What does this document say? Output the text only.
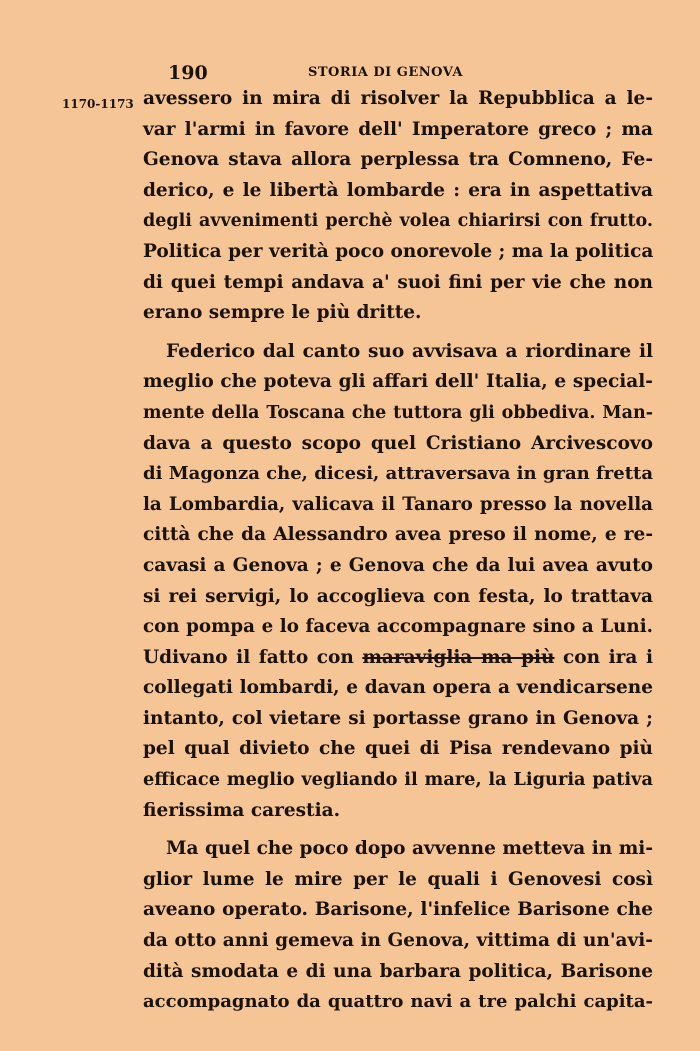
190	STORIA DI GENOVA
1170-1173 avessero in mira di risolver la Repubblica a le-
var l'armi in favore dell' Imperatore greco ; ma
Genova stava allora perplessa tra Comneno, Fe-
derico, e le libertà lombarde : era in aspettativa
degli avvenimenti perchè volea chiarirsi con frutto.
Politica per verità poco onorevole ; ma la politica
di quei tempi andava a' suoi fini per vie che non
erano sempre le più dritte.
Federico dal canto suo avvisava a riordinare il
meglio che poteva gli affari dell' Italia, e special-
mente della Toscana che tuttora gli obbediva. Man-
dava a questo scopo quel Cristiano Arcivescovo
di Magonza che, dicesi, attraversava in gran fretta
la Lombardia, valicava il Tanaro presso la novella
città che da Alessandro avea preso il nome, e re-
cavasi a Genova ; e Genova che da lui avea avuto
si rei servigi, lo accoglieva con festa, lo trattava
con pompa e lo faceva accompagnare sino a Luni.
Udivano il fatto con maraviglia ma più con ira i
collegati lombardi, e davan opera a vendicarsene
intanto, col vietare si portasse grano in Genova ;
pel qual divieto che quei di Pisa rendevano più
efficace meglio vegliando il mare, la Liguria pativa
fierissima carestia.
Ma quel che poco dopo avvenne metteva in mi-
glior lume le mire per le quali i Genovesi così
aveano operato. Barisone, l'infelice Barisone che
da otto anni gemeva in Genova, vittima di un'avi-
dità smodata e di una barbara politica, Barisone
accompagnato da quattro navi a tre palchi capita-
